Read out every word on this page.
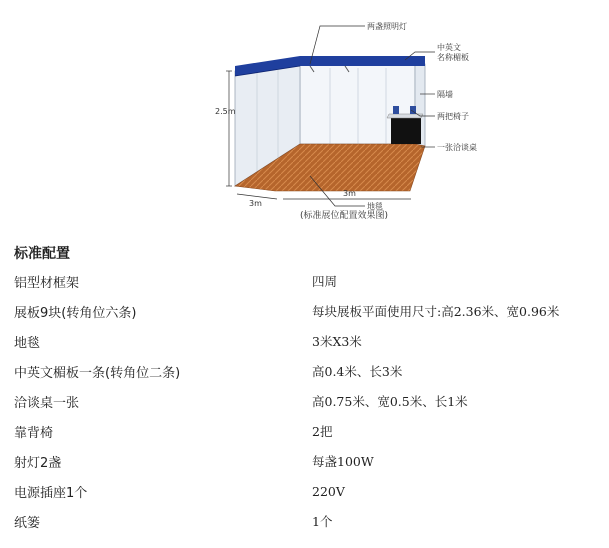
两盏照明灯
中英文
名称楣板
隔墙
两把椅子
一张洽谈桌
2.5m
3m
3m
地毯
(标准展位配置效果图)
标准配置
铝型材框架	四周
展板9块(转角位六条)	每块展板平面使用尺寸:高2.36米、宽0.96米
地毯	3米X3米
中英文楣板一条(转角位二条)	高0.4米、长3米
洽谈桌一张	高0.75米、宽0.5米、长1米
靠背椅	2把
射灯2盏	每盏100W
电源插座1个	220V
纸篓	1个
